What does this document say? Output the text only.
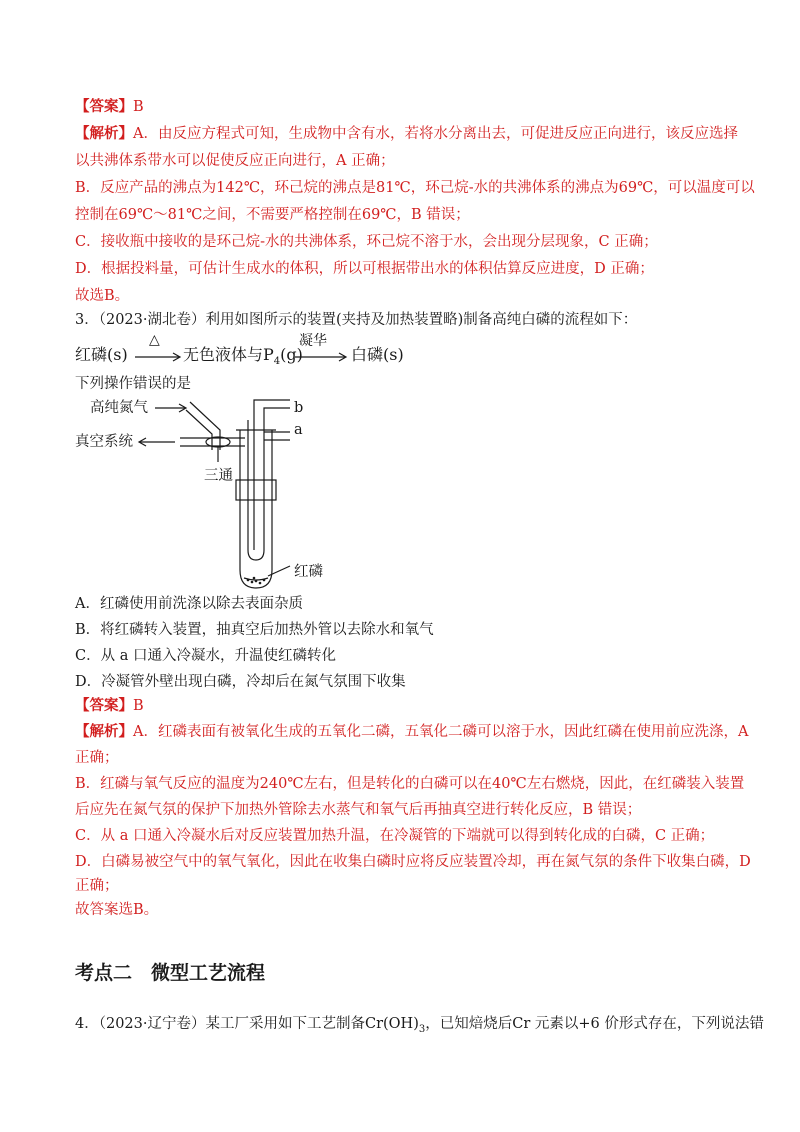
【答案】B
【解析】A．由反应方程式可知，生成物中含有水，若将水分离出去，可促进反应正向进行，该反应选择
以共沸体系带水可以促使反应正向进行，A 正确；
B．反应产品的沸点为142℃，环己烷的沸点是81℃，环己烷-水的共沸体系的沸点为69℃，可以温度可以
控制在69℃～81℃之间，不需要严格控制在69℃，B 错误；
C．接收瓶中接收的是环己烷-水的共沸体系，环己烷不溶于水，会出现分层现象，C 正确；
D．根据投料量，可估计生成水的体积，所以可根据带出水的体积估算反应进度，D 正确；
故选B。
3．（2023·湖北卷）利用如图所示的装置(夹持及加热装置略)制备高纯白磷的流程如下：
红磷(s)
△
无色液体与$P_4(g)$
凝华
白磷(s)
下列操作错误的是
高纯氮气
真空系统
三通
b
a
红磷
A．红磷使用前洗涤以除去表面杂质
B．将红磷转入装置，抽真空后加热外管以去除水和氧气
C．从 a 口通入冷凝水，升温使红磷转化
D．冷凝管外壁出现白磷，冷却后在氮气氛围下收集
【答案】B
【解析】A．红磷表面有被氧化生成的五氧化二磷，五氧化二磷可以溶于水，因此红磷在使用前应洗涤，A
正确；
B．红磷与氧气反应的温度为240℃左右，但是转化的白磷可以在40℃左右燃烧，因此，在红磷装入装置
后应先在氮气氛的保护下加热外管除去水蒸气和氧气后再抽真空进行转化反应，B 错误；
C．从 a 口通入冷凝水后对反应装置加热升温，在冷凝管的下端就可以得到转化成的白磷，C 正确；
D．白磷易被空气中的氧气氧化，因此在收集白磷时应将反应装置冷却，再在氮气氛的条件下收集白磷，D
正确；
故答案选B。
考点二　微型工艺流程
4．（2023·辽宁卷）某工厂采用如下工艺制备$Cr(OH)_3$，已知焙烧后Cr 元素以+6 价形式存在，下列说法错
